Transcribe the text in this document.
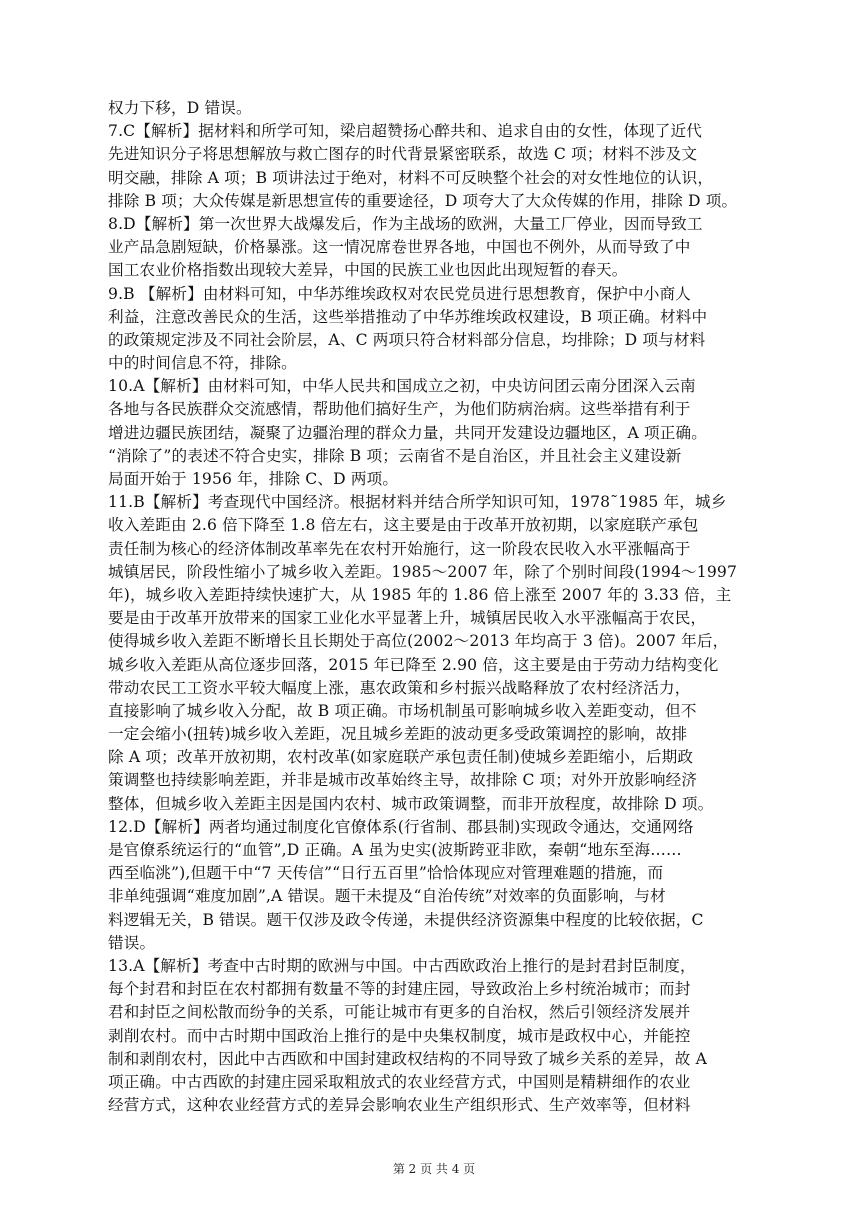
权力下移，D 错误。
7.C【解析】据材料和所学可知，梁启超赞扬心醉共和、追求自由的女性，体现了近代
先进知识分子将思想解放与救亡图存的时代背景紧密联系，故选 C 项；材料不涉及文
明交融，排除 A 项；B 项讲法过于绝对，材料不可反映整个社会的对女性地位的认识，
排除 B 项；大众传媒是新思想宣传的重要途径，D 项夸大了大众传媒的作用，排除 D 项。
8.D【解析】第一次世界大战爆发后，作为主战场的欧洲，大量工厂停业，因而导致工
业产品急剧短缺，价格暴涨。这一情况席卷世界各地，中国也不例外，从而导致了中
国工农业价格指数出现较大差异，中国的民族工业也因此出现短暂的春天。
9.B 【解析】由材料可知，中华苏维埃政权对农民党员进行思想教育，保护中小商人
利益，注意改善民众的生活，这些举措推动了中华苏维埃政权建设，B 项正确。材料中
的政策规定涉及不同社会阶层，A、C 两项只符合材料部分信息，均排除；D 项与材料
中的时间信息不符，排除。
10.A【解析】由材料可知，中华人民共和国成立之初，中央访问团云南分团深入云南
各地与各民族群众交流感情，帮助他们搞好生产，为他们防病治病。这些举措有利于
增进边疆民族团结，凝聚了边疆治理的群众力量，共同开发建设边疆地区，A 项正确。
“消除了”的表述不符合史实，排除 B 项；云南省不是自治区，并且社会主义建设新
局面开始于 1956 年，排除 C、D 两项。
11.B【解析】考查现代中国经济。根据材料并结合所学知识可知，1978˜1985 年，城乡
收入差距由 2.6 倍下降至 1.8 倍左右，这主要是由于改革开放初期，以家庭联产承包
责任制为核心的经济体制改革率先在农村开始施行，这一阶段农民收入水平涨幅高于
城镇居民，阶段性缩小了城乡收入差距。1985～2007 年，除了个别时间段(1994～1997
年)，城乡收入差距持续快速扩大，从 1985 年的 1.86 倍上涨至 2007 年的 3.33 倍，主
要是由于改革开放带来的国家工业化水平显著上升，城镇居民收入水平涨幅高于农民，
使得城乡收入差距不断增长且长期处于高位(2002～2013 年均高于 3 倍)。2007 年后，
城乡收入差距从高位逐步回落，2015 年已降至 2.90 倍，这主要是由于劳动力结构变化
带动农民工工资水平较大幅度上涨，惠农政策和乡村振兴战略释放了农村经济活力，
直接影响了城乡收入分配，故 B 项正确。市场机制虽可影响城乡收入差距变动，但不
一定会缩小(扭转)城乡收入差距，况且城乡差距的波动更多受政策调控的影响，故排
除 A 项；改革开放初期，农村改革(如家庭联产承包责任制)使城乡差距缩小，后期政
策调整也持续影响差距，并非是城市改革始终主导，故排除 C 项；对外开放影响经济
整体，但城乡收入差距主因是国内农村、城市政策调整，而非开放程度，故排除 D 项。
12.D【解析】两者均通过制度化官僚体系(行省制、郡县制)实现政令通达，交通网络
是官僚系统运行的“血管”,D 正确。A 虽为史实(波斯跨亚非欧，秦朝“地东至海……
西至临洮”),但题干中“7 天传信”“日行五百里”恰恰体现应对管理难题的措施，而
非单纯强调“难度加剧”,A 错误。题干未提及“自治传统”对效率的负面影响，与材
料逻辑无关，B 错误。题干仅涉及政令传递，未提供经济资源集中程度的比较依据，C
错误。
13.A【解析】考查中古时期的欧洲与中国。中古西欧政治上推行的是封君封臣制度，
每个封君和封臣在农村都拥有数量不等的封建庄园，导致政治上乡村统治城市；而封
君和封臣之间松散而纷争的关系，可能让城市有更多的自治权，然后引领经济发展并
剥削农村。而中古时期中国政治上推行的是中央集权制度，城市是政权中心，并能控
制和剥削农村，因此中古西欧和中国封建政权结构的不同导致了城乡关系的差异，故 A
项正确。中古西欧的封建庄园采取粗放式的农业经营方式，中国则是精耕细作的农业
经营方式，这种农业经营方式的差异会影响农业生产组织形式、生产效率等，但材料
第 2 页 共 4 页
